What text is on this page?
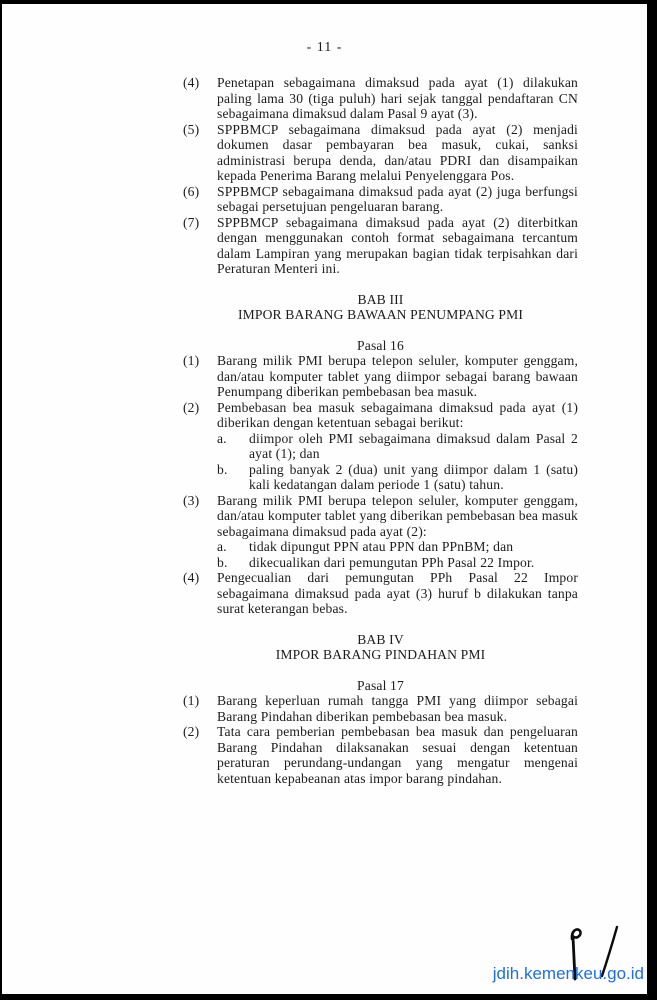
- 11 -
(4)	Penetapan sebagaimana dimaksud pada ayat (1) dilakukan paling lama 30 (tiga puluh) hari sejak tanggal pendaftaran CN sebagaimana dimaksud dalam Pasal 9 ayat (3).
(5)	SPPBMCP sebagaimana dimaksud pada ayat (2) menjadi dokumen dasar pembayaran bea masuk, cukai, sanksi administrasi berupa denda, dan/atau PDRI dan disampaikan kepada Penerima Barang melalui Penyelenggara Pos.
(6)	SPPBMCP sebagaimana dimaksud pada ayat (2) juga berfungsi sebagai persetujuan pengeluaran barang.
(7)	SPPBMCP sebagaimana dimaksud pada ayat (2) diterbitkan dengan menggunakan contoh format sebagaimana tercantum dalam Lampiran yang merupakan bagian tidak terpisahkan dari Peraturan Menteri ini.
BAB III
IMPOR BARANG BAWAAN PENUMPANG PMI
Pasal 16
(1)	Barang milik PMI berupa telepon seluler, komputer genggam, dan/atau komputer tablet yang diimpor sebagai barang bawaan Penumpang diberikan pembebasan bea masuk.
(2)	Pembebasan bea masuk sebagaimana dimaksud pada ayat (1) diberikan dengan ketentuan sebagai berikut:
a.	diimpor oleh PMI sebagaimana dimaksud dalam Pasal 2 ayat (1); dan
b.	paling banyak 2 (dua) unit yang diimpor dalam 1 (satu) kali kedatangan dalam periode 1 (satu) tahun.
(3)	Barang milik PMI berupa telepon seluler, komputer genggam, dan/atau komputer tablet yang diberikan pembebasan bea masuk sebagaimana dimaksud pada ayat (2):
a.	tidak dipungut PPN atau PPN dan PPnBM; dan
b.	dikecualikan dari pemungutan PPh Pasal 22 Impor.
(4)	Pengecualian dari pemungutan PPh Pasal 22 Impor sebagaimana dimaksud pada ayat (3) huruf b dilakukan tanpa surat keterangan bebas.
BAB IV
IMPOR BARANG PINDAHAN PMI
Pasal 17
(1)	Barang keperluan rumah tangga PMI yang diimpor sebagai Barang Pindahan diberikan pembebasan bea masuk.
(2)	Tata cara pemberian pembebasan bea masuk dan pengeluaran Barang Pindahan dilaksanakan sesuai dengan ketentuan peraturan perundang-undangan yang mengatur mengenai ketentuan kepabeanan atas impor barang pindahan.
jdih.kemenkeu.go.id
